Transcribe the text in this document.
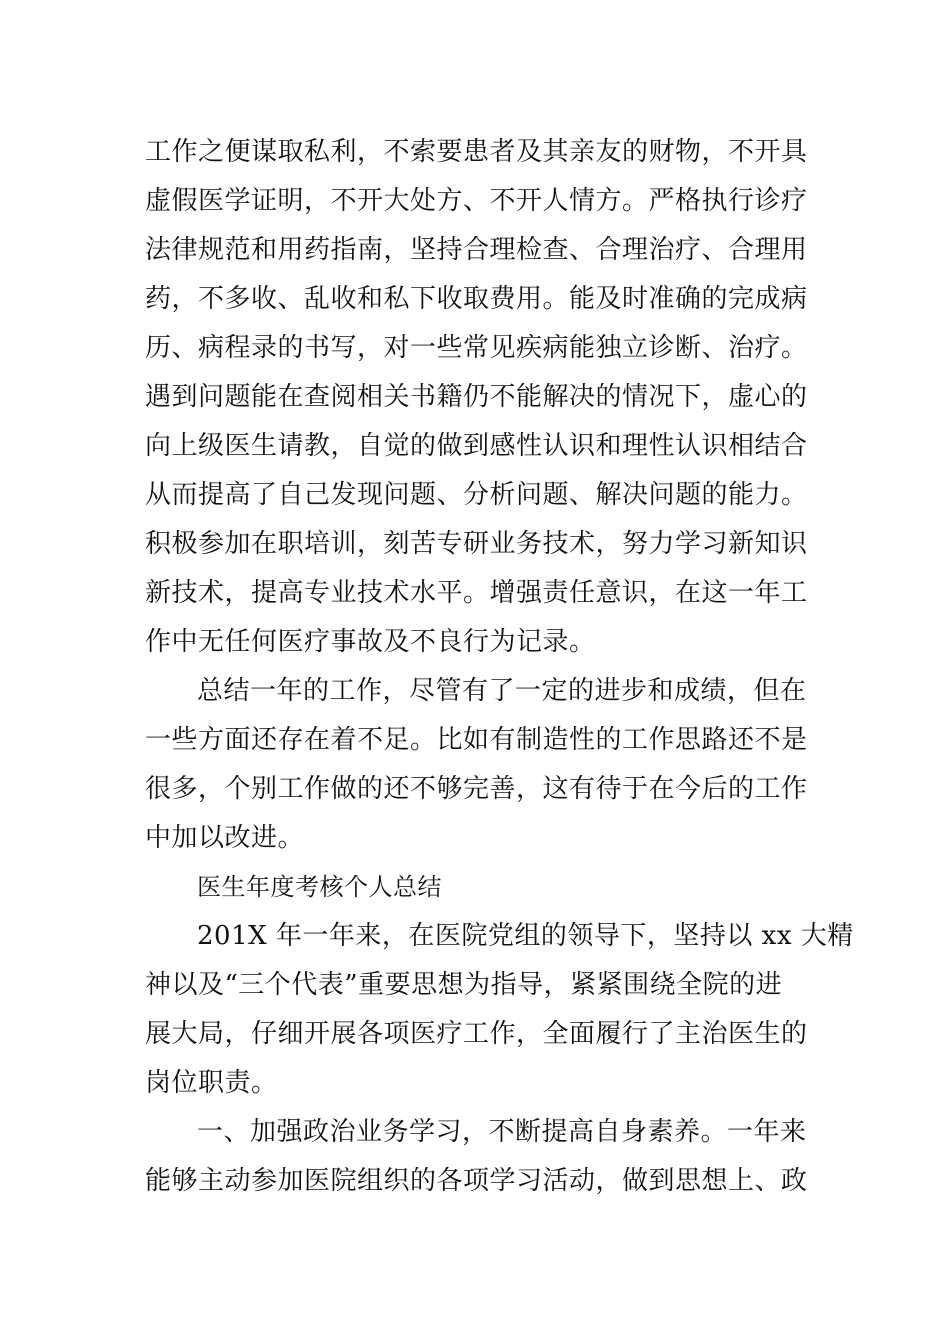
工作之便谋取私利，不索要患者及其亲友的财物，不开具
虚假医学证明，不开大处方、不开人情方。严格执行诊疗
法律规范和用药指南，坚持合理检查、合理治疗、合理用
药，不多收、乱收和私下收取费用。能及时准确的完成病
历、病程录的书写，对一些常见疾病能独立诊断、治疗。
遇到问题能在查阅相关书籍仍不能解决的情况下，虚心的
向上级医生请教，自觉的做到感性认识和理性认识相结合
从而提高了自己发现问题、分析问题、解决问题的能力。
积极参加在职培训，刻苦专研业务技术，努力学习新知识
新技术，提高专业技术水平。增强责任意识，在这一年工
作中无任何医疗事故及不良行为记录。
总结一年的工作，尽管有了一定的进步和成绩，但在
一些方面还存在着不足。比如有制造性的工作思路还不是
很多，个别工作做的还不够完善，这有待于在今后的工作
中加以改进。
医生年度考核个人总结
201X 年一年来，在医院党组的领导下，坚持以 xx 大精
神以及“三个代表”重要思想为指导，紧紧围绕全院的进
展大局，仔细开展各项医疗工作，全面履行了主治医生的
岗位职责。
一、加强政治业务学习，不断提高自身素养。一年来
能够主动参加医院组织的各项学习活动，做到思想上、政
